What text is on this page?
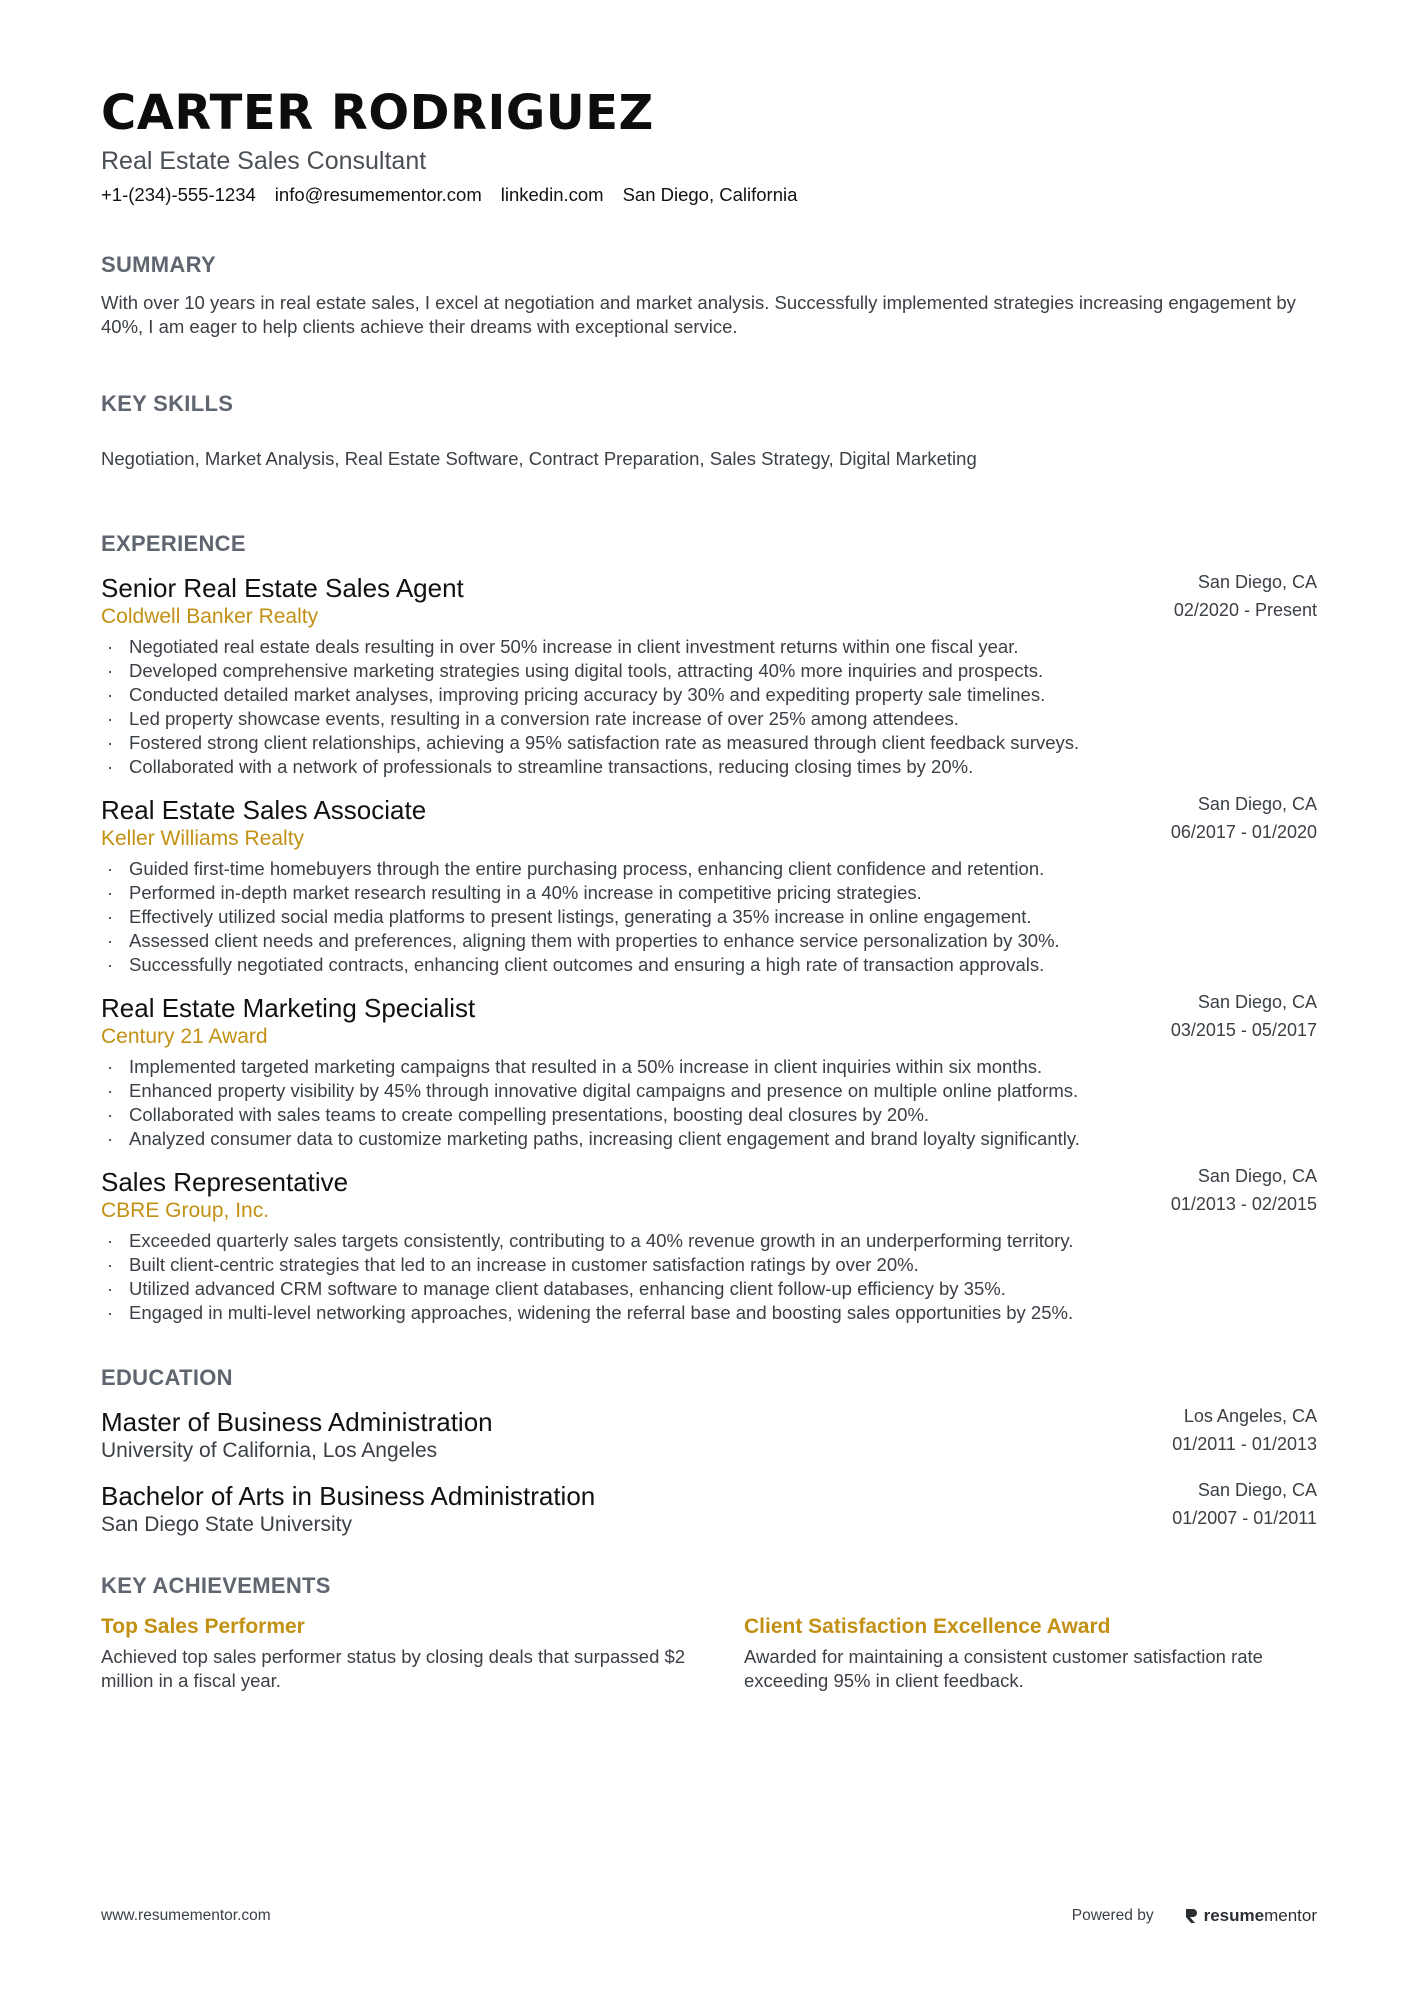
CARTER RODRIGUEZ
Real Estate Sales Consultant
+1-(234)-555-1234 info@resumementor.com linkedin.com San Diego, California
SUMMARY
With over 10 years in real estate sales, I excel at negotiation and market analysis. Successfully implemented strategies increasing engagement by 40%, I am eager to help clients achieve their dreams with exceptional service.
KEY SKILLS
Negotiation, Market Analysis, Real Estate Software, Contract Preparation, Sales Strategy, Digital Marketing
EXPERIENCE
Senior Real Estate Sales Agent
Coldwell Banker Realty
San Diego, CA
02/2020 - Present
· Negotiated real estate deals resulting in over 50% increase in client investment returns within one fiscal year.
· Developed comprehensive marketing strategies using digital tools, attracting 40% more inquiries and prospects.
· Conducted detailed market analyses, improving pricing accuracy by 30% and expediting property sale timelines.
· Led property showcase events, resulting in a conversion rate increase of over 25% among attendees.
· Fostered strong client relationships, achieving a 95% satisfaction rate as measured through client feedback surveys.
· Collaborated with a network of professionals to streamline transactions, reducing closing times by 20%.
Real Estate Sales Associate
Keller Williams Realty
San Diego, CA
06/2017 - 01/2020
· Guided first-time homebuyers through the entire purchasing process, enhancing client confidence and retention.
· Performed in-depth market research resulting in a 40% increase in competitive pricing strategies.
· Effectively utilized social media platforms to present listings, generating a 35% increase in online engagement.
· Assessed client needs and preferences, aligning them with properties to enhance service personalization by 30%.
· Successfully negotiated contracts, enhancing client outcomes and ensuring a high rate of transaction approvals.
Real Estate Marketing Specialist
Century 21 Award
San Diego, CA
03/2015 - 05/2017
· Implemented targeted marketing campaigns that resulted in a 50% increase in client inquiries within six months.
· Enhanced property visibility by 45% through innovative digital campaigns and presence on multiple online platforms.
· Collaborated with sales teams to create compelling presentations, boosting deal closures by 20%.
· Analyzed consumer data to customize marketing paths, increasing client engagement and brand loyalty significantly.
Sales Representative
CBRE Group, Inc.
San Diego, CA
01/2013 - 02/2015
· Exceeded quarterly sales targets consistently, contributing to a 40% revenue growth in an underperforming territory.
· Built client-centric strategies that led to an increase in customer satisfaction ratings by over 20%.
· Utilized advanced CRM software to manage client databases, enhancing client follow-up efficiency by 35%.
· Engaged in multi-level networking approaches, widening the referral base and boosting sales opportunities by 25%.
EDUCATION
Master of Business Administration
University of California, Los Angeles
Los Angeles, CA
01/2011 - 01/2013
Bachelor of Arts in Business Administration
San Diego State University
San Diego, CA
01/2007 - 01/2011
KEY ACHIEVEMENTS
Top Sales Performer
Achieved top sales performer status by closing deals that surpassed $2 million in a fiscal year.
Client Satisfaction Excellence Award
Awarded for maintaining a consistent customer satisfaction rate exceeding 95% in client feedback.
www.resumementor.com	Powered by	resumementor
